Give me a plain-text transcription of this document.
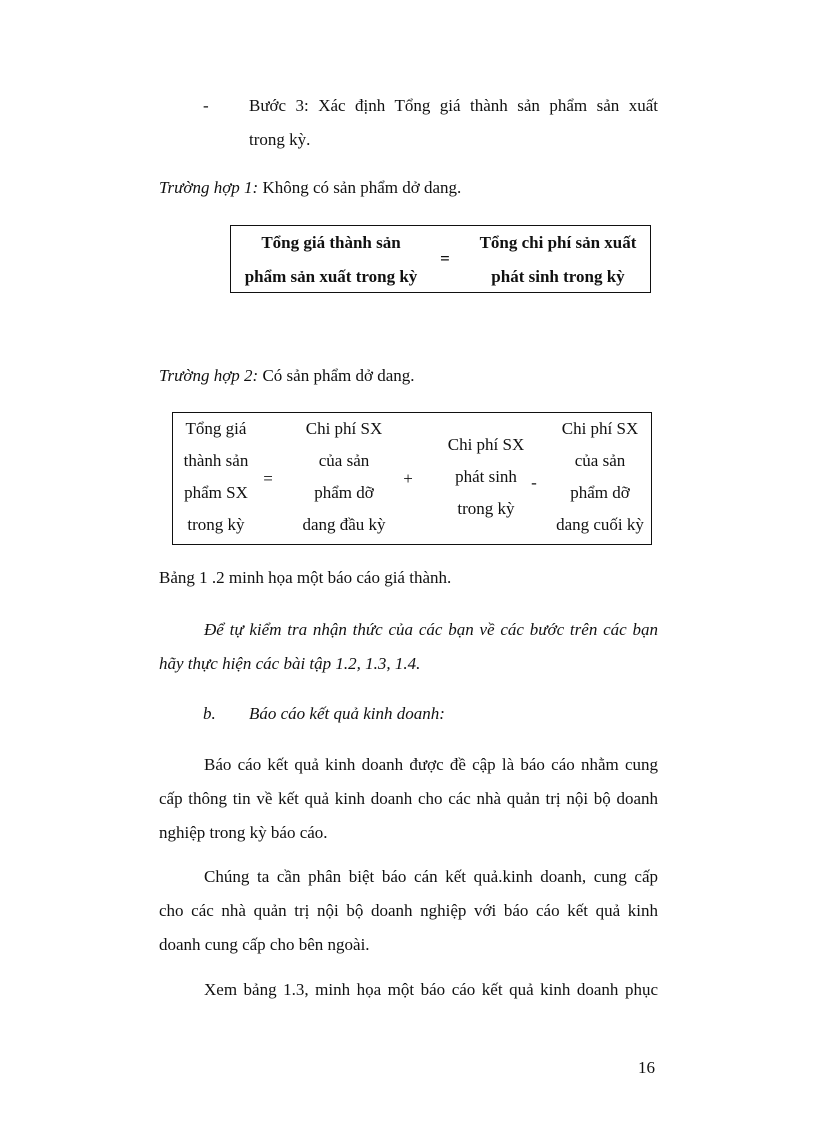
- Bước 3: Xác định Tổng giá thành sản phẩm sản xuất
trong kỳ.
Trường hợp 1: Không có sản phẩm dở dang.
Tổng giá thành sản
phẩm sản xuất trong kỳ
=
Tổng chi phí sản xuất
phát sinh trong kỳ
Trường hợp 2: Có sản phẩm dở dang.
Tổng giá
thành sản
phẩm SX
trong kỳ
=
Chi phí SX
của sản
phẩm dỡ
dang đầu kỳ
+
Chi phí SX
phát sinh
trong kỳ
-
Chi phí SX
của sản
phẩm dỡ
dang cuối kỳ
Bảng 1 .2 minh họa một báo cáo giá thành.
Để tự kiểm tra nhận thức của các bạn về các bước trên các bạn
hãy thực hiện các bài tập 1.2, 1.3, 1.4.
b. Báo cáo kết quả kinh doanh:
Báo cáo kết quả kinh doanh được đề cập là báo cáo nhằm cung
cấp thông tin về kết quả kinh doanh cho các nhà quản trị nội bộ doanh
nghiệp trong kỳ báo cáo.
Chúng ta cần phân biệt báo cán kết quả.kinh doanh, cung cấp
cho các nhà quản trị nội bộ doanh nghiệp với báo cáo kết quả kinh
doanh cung cấp cho bên ngoài.
Xem bảng 1.3, minh họa một báo cáo kết quả kinh doanh phục
16
